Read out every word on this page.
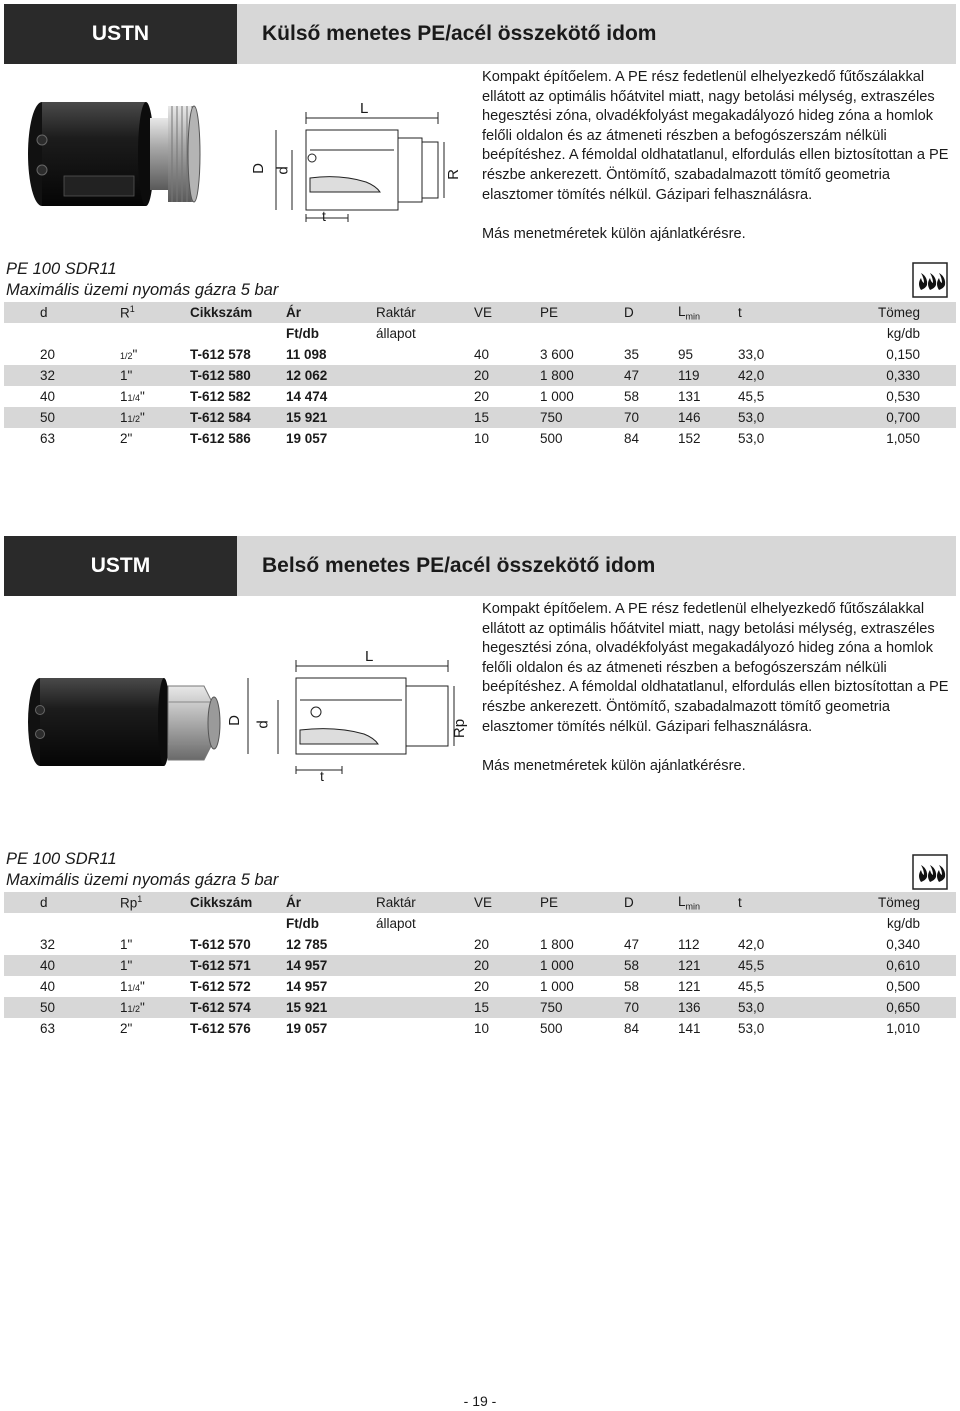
USTN	Külső menetes PE/acél összekötő idom
L
D d	R
t

Kompakt építőelem. A PE rész fedetlenül elhelyezkedő fűtőszálakkal ellátott az optimális hőátvitel miatt, nagy betolási mélység, extraszéles hegesztési zóna, olvadékfolyást megakadályozó hideg zóna a homlok felőli oldalon és az átmeneti részben a befogószerszám nélküli beépítéshez. A fémoldal oldhatatlanul, elfordulás ellen biztosítottan a PE részbe ankerezett. Öntömítő, szabadalmazott tömítő geometria elasztomer tömítés nélkül. Gázipari felhasználásra.

Más menetméretek külön ajánlatkérésre.

PE 100 SDR11
Maximális üzemi nyomás gázra 5 bar
d	$R^1$	Cikkszám	Ár	Raktár	VE	PE	D	$L_{min}$	t	Tömeg
			Ft/db	állapot						kg/db
20	1/2"	T-612 578	11 098		40	3 600	35	95	33,0	0,150
32	1"	T-612 580	12 062		20	1 800	47	119	42,0	0,330
40	11/4"	T-612 582	14 474		20	1 000	58	131	45,5	0,530
50	11/2"	T-612 584	15 921		15	750	70	146	53,0	0,700
63	2"	T-612 586	19 057		10	500	84	152	53,0	1,050
USTM	Belső menetes PE/acél összekötő idom
L
D d	Rp
t

Kompakt építőelem. A PE rész fedetlenül elhelyezkedő fűtőszálakkal ellátott az optimális hőátvitel miatt, nagy betolási mélység, extraszéles hegesztési zóna, olvadékfolyást megakadályozó hideg zóna a homlok felőli oldalon és az átmeneti részben a befogószerszám nélküli beépítéshez. A fémoldal oldhatatlanul, elfordulás ellen biztosítottan a PE részbe ankerezett. Öntömítő, szabadalmazott tömítő geometria elasztomer tömítés nélkül. Gázipari felhasználásra.

Más menetméretek külön ajánlatkérésre.

PE 100 SDR11
Maximális üzemi nyomás gázra 5 bar
d	Rp$^1$	Cikkszám	Ár	Raktár	VE	PE	D	$L_{min}$	t	Tömeg
			Ft/db	állapot						kg/db
32	1"	T-612 570	12 785		20	1 800	47	112	42,0	0,340
40	1"	T-612 571	14 957		20	1 000	58	121	45,5	0,610
40	11/4"	T-612 572	14 957		20	1 000	58	121	45,5	0,500
50	11/2"	T-612 574	15 921		15	750	70	136	53,0	0,650
63	2"	T-612 576	19 057		10	500	84	141	53,0	1,010
- 19 -
